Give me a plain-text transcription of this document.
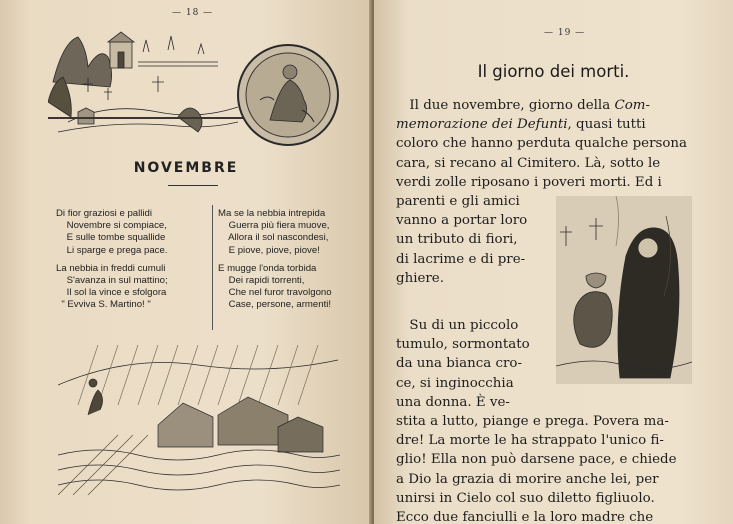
— 18 —
NOVEMBRE
Di fior graziosi e pallidi
Novembre si compiace,
E sulle tombe squallide
Li sparge e prega pace.

La nebbia in freddi cumuli
S'avanza in sul mattino;
Il sol la vince e sfolgora
" Evviva S. Martino! "
Ma se la nebbia intrepida
Guerra più fiera muove,
Allora il sol nascondesi,
E piove, piove, piove!

E mugge l'onda torbida
Dei rapidi torrenti,
Che nel furor travolgono
Case, persone, armenti!
— 19 —
Il giorno dei morti.
 Il due novembre, giorno della Com-
memorazione dei Defunti, quasi tutti
coloro che hanno perduta qualche persona
cara, si recano al Cimitero. Là, sotto le
verdi zolle riposano i poveri morti. Ed i
parenti e gli amici
vanno a portar loro
un tributo di fiori,
di lacrime e di pre-
ghiere.
 Su di un piccolo
tumulo, sormontato
da una bianca cro-
ce, si inginocchia
una donna. È ve-
stita a lutto, piange e prega. Povera ma-
dre! La morte le ha strappato l'unico fi-
glio! Ella non può darsene pace, e chiede
a Dio la grazia di morire anche lei, per
unirsi in Cielo col suo diletto figliuolo.
Ecco due fanciulli e la loro madre che
